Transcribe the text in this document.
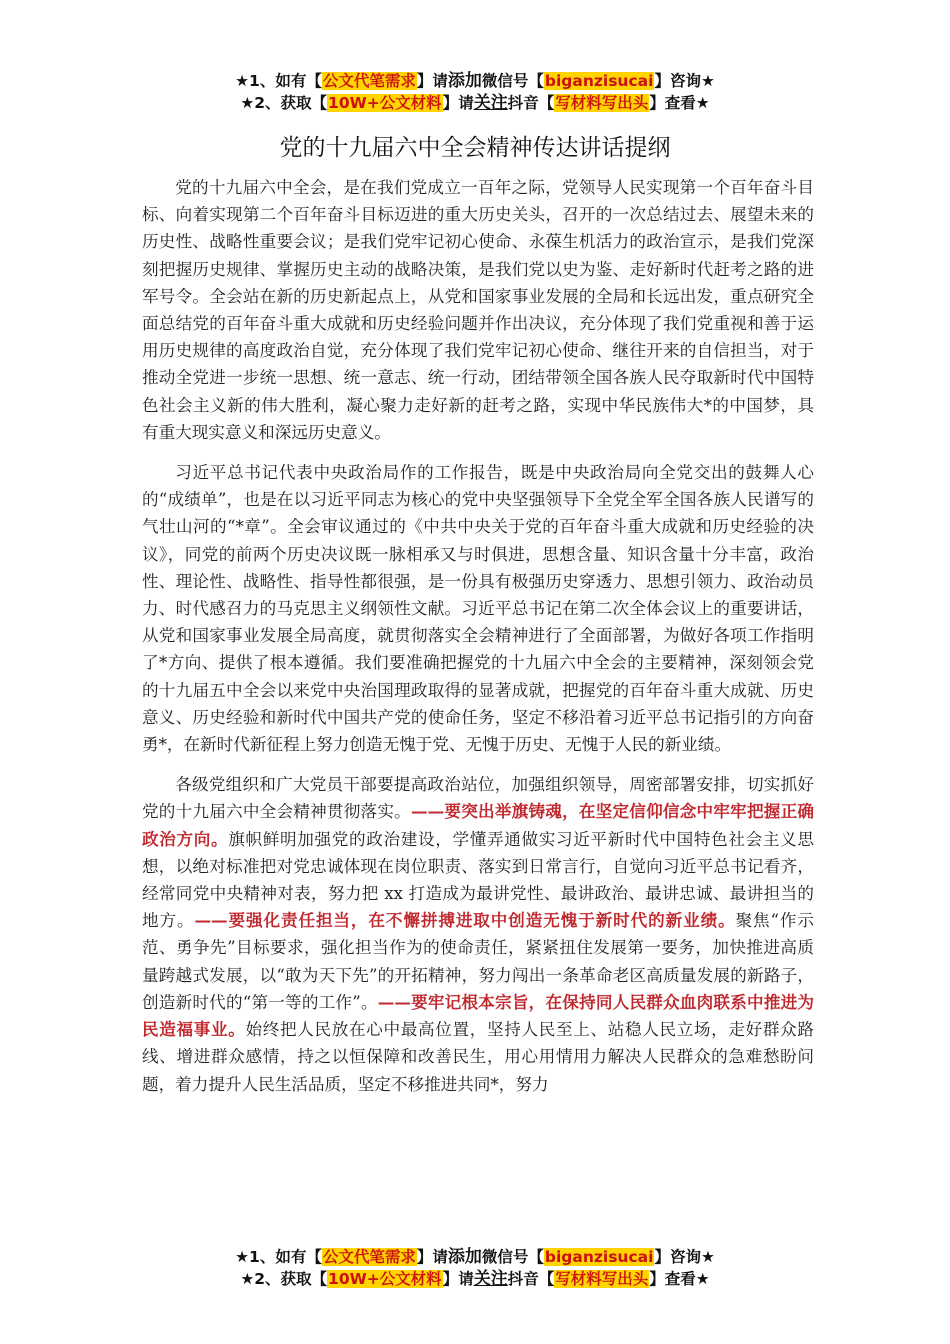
★1、如有【公文代笔需求】请添加微信号【biganzisucai】咨询★
★2、获取【10W+公文材料】请关注抖音【写材料写出头】查看★
党的十九届六中全会精神传达讲话提纲

党的十九届六中全会，是在我们党成立一百年之际，党领导人民实现第一个百年奋斗目标、向着实现第二个百年奋斗目标迈进的重大历史关头，召开的一次总结过去、展望未来的历史性、战略性重要会议；是我们党牢记初心使命、永葆生机活力的政治宣示，是我们党深刻把握历史规律、掌握历史主动的战略决策，是我们党以史为鉴、走好新时代赶考之路的进军号令。全会站在新的历史新起点上，从党和国家事业发展的全局和长远出发，重点研究全面总结党的百年奋斗重大成就和历史经验问题并作出决议，充分体现了我们党重视和善于运用历史规律的高度政治自觉，充分体现了我们党牢记初心使命、继往开来的自信担当，对于推动全党进一步统一思想、统一意志、统一行动，团结带领全国各族人民夺取新时代中国特色社会主义新的伟大胜利，凝心聚力走好新的赶考之路，实现中华民族伟大*的中国梦，具有重大现实意义和深远历史意义。

习近平总书记代表中央政治局作的工作报告，既是中央政治局向全党交出的鼓舞人心的“成绩单”，也是在以习近平同志为核心的党中央坚强领导下全党全军全国各族人民谱写的气壮山河的“*章”。全会审议通过的《中共中央关于党的百年奋斗重大成就和历史经验的决议》，同党的前两个历史决议既一脉相承又与时俱进，思想含量、知识含量十分丰富，政治性、理论性、战略性、指导性都很强，是一份具有极强历史穿透力、思想引领力、政治动员力、时代感召力的马克思主义纲领性文献。习近平总书记在第二次全体会议上的重要讲话，从党和国家事业发展全局高度，就贯彻落实全会精神进行了全面部署，为做好各项工作指明了*方向、提供了根本遵循。我们要准确把握党的十九届六中全会的主要精神，深刻领会党的十九届五中全会以来党中央治国理政取得的显著成就，把握党的百年奋斗重大成就、历史意义、历史经验和新时代中国共产党的使命任务，坚定不移沿着习近平总书记指引的方向奋勇*，在新时代新征程上努力创造无愧于党、无愧于历史、无愧于人民的新业绩。

各级党组织和广大党员干部要提高政治站位，加强组织领导，周密部署安排，切实抓好党的十九届六中全会精神贯彻落实。——要突出举旗铸魂，在坚定信仰信念中牢牢把握正确政治方向。旗帜鲜明加强党的政治建设，学懂弄通做实习近平新时代中国特色社会主义思想，以绝对标准把对党忠诚体现在岗位职责、落实到日常言行，自觉向习近平总书记看齐，经常同党中央精神对表，努力把 xx 打造成为最讲党性、最讲政治、最讲忠诚、最讲担当的地方。——要强化责任担当，在不懈拼搏进取中创造无愧于新时代的新业绩。聚焦“作示范、勇争先”目标要求，强化担当作为的使命责任，紧紧扭住发展第一要务，加快推进高质量跨越式发展，以“敢为天下先”的开拓精神，努力闯出一条革命老区高质量发展的新路子，创造新时代的“第一等的工作”。——要牢记根本宗旨，在保持同人民群众血肉联系中推进为民造福事业。始终把人民放在心中最高位置，坚持人民至上、站稳人民立场，走好群众路线、增进群众感情，持之以恒保障和改善民生，用心用情用力解决人民群众的急难愁盼问题，着力提升人民生活品质，坚定不移推进共同*，努力

★1、如有【公文代笔需求】请添加微信号【biganzisucai】咨询★
★2、获取【10W+公文材料】请关注抖音【写材料写出头】查看★
